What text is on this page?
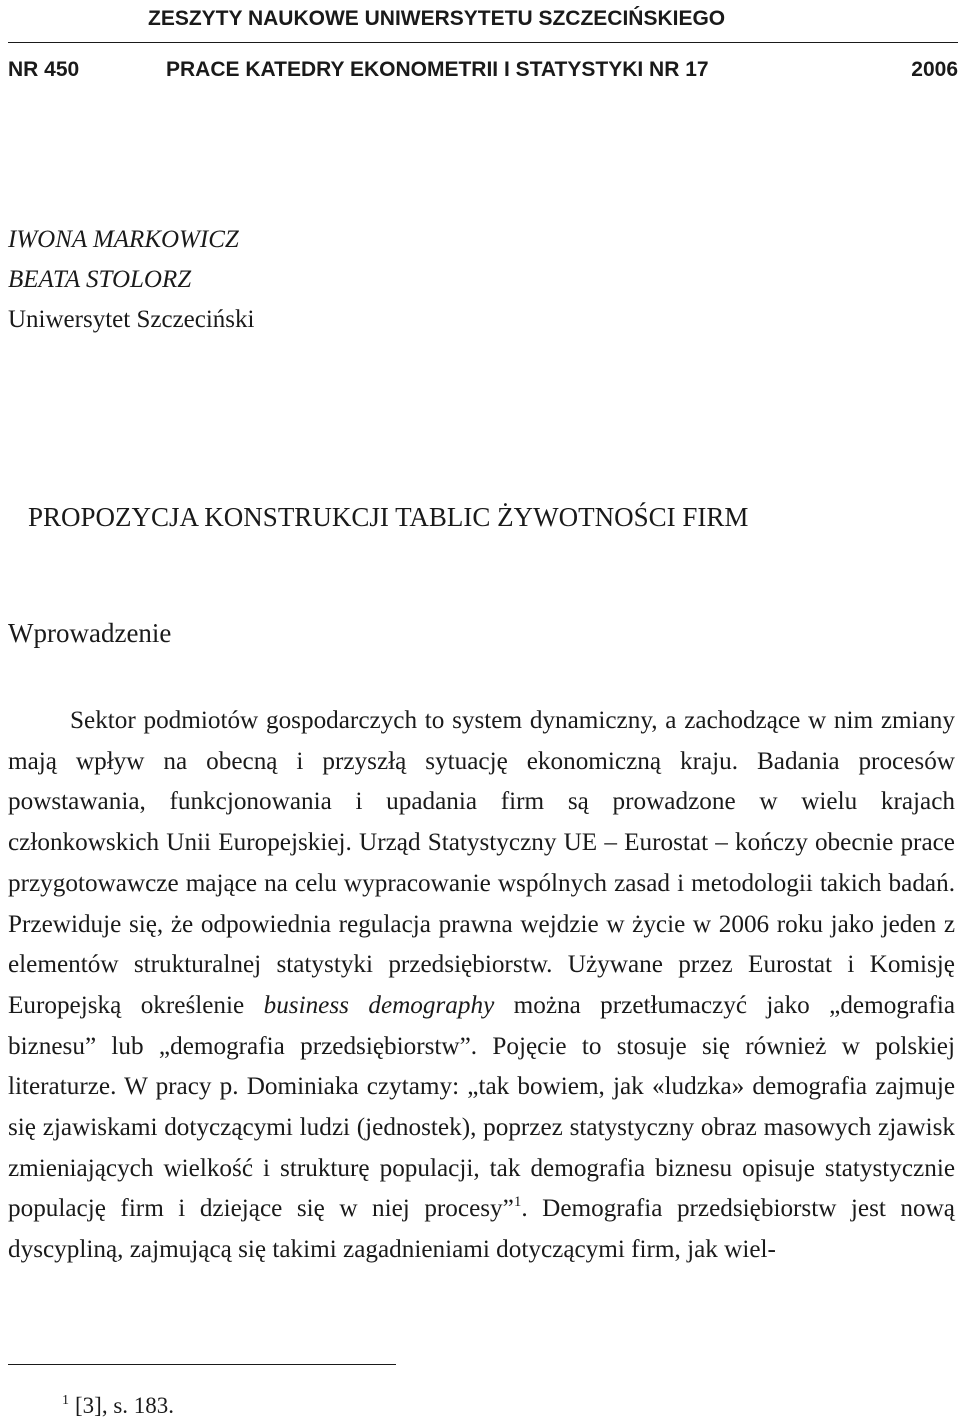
ZESZYTY NAUKOWE UNIWERSYTETU SZCZECIŃSKIEGO
NR 450	PRACE KATEDRY EKONOMETRII I STATYSTYKI NR 17	2006
IWONA MARKOWICZ
BEATA STOLORZ
Uniwersytet Szczeciński
PROPOZYCJA KONSTRUKCJI TABLIC ŻYWOTNOŚCI FIRM
Wprowadzenie

Sektor podmiotów gospodarczych to system dynamiczny, a zachodzące w nim zmiany mają wpływ na obecną i przyszłą sytuację ekonomiczną kraju. Badania procesów powstawania, funkcjonowania i upadania firm są prowadzone w wielu krajach członkowskich Unii Europejskiej. Urząd Statystyczny UE – Eurostat – kończy obecnie prace przygotowawcze mające na celu wypracowanie wspólnych zasad i metodologii takich badań. Przewiduje się, że odpowiednia regulacja prawna wejdzie w życie w 2006 roku jako jeden z elementów strukturalnej statystyki przedsiębiorstw. Używane przez Eurostat i Komisję Europejską określenie business demography można przetłumaczyć jako „demografia biznesu” lub „demografia przedsiębiorstw”. Pojęcie to stosuje się również w polskiej literaturze. W pracy p. Dominiaka czytamy: „tak bowiem, jak «ludzka» demografia zajmuje się zjawiskami dotyczącymi ludzi (jednostek), poprzez statystyczny obraz masowych zjawisk zmieniających wielkość i strukturę populacji, tak demografia biznesu opisuje statystycznie populację firm i dziejące się w niej procesy”$^1$. Demografia przedsiębiorstw jest nową dyscypliną, zajmującą się takimi zagadnieniami dotyczącymi firm, jak wiel-

$^1$ [3], s. 183.
